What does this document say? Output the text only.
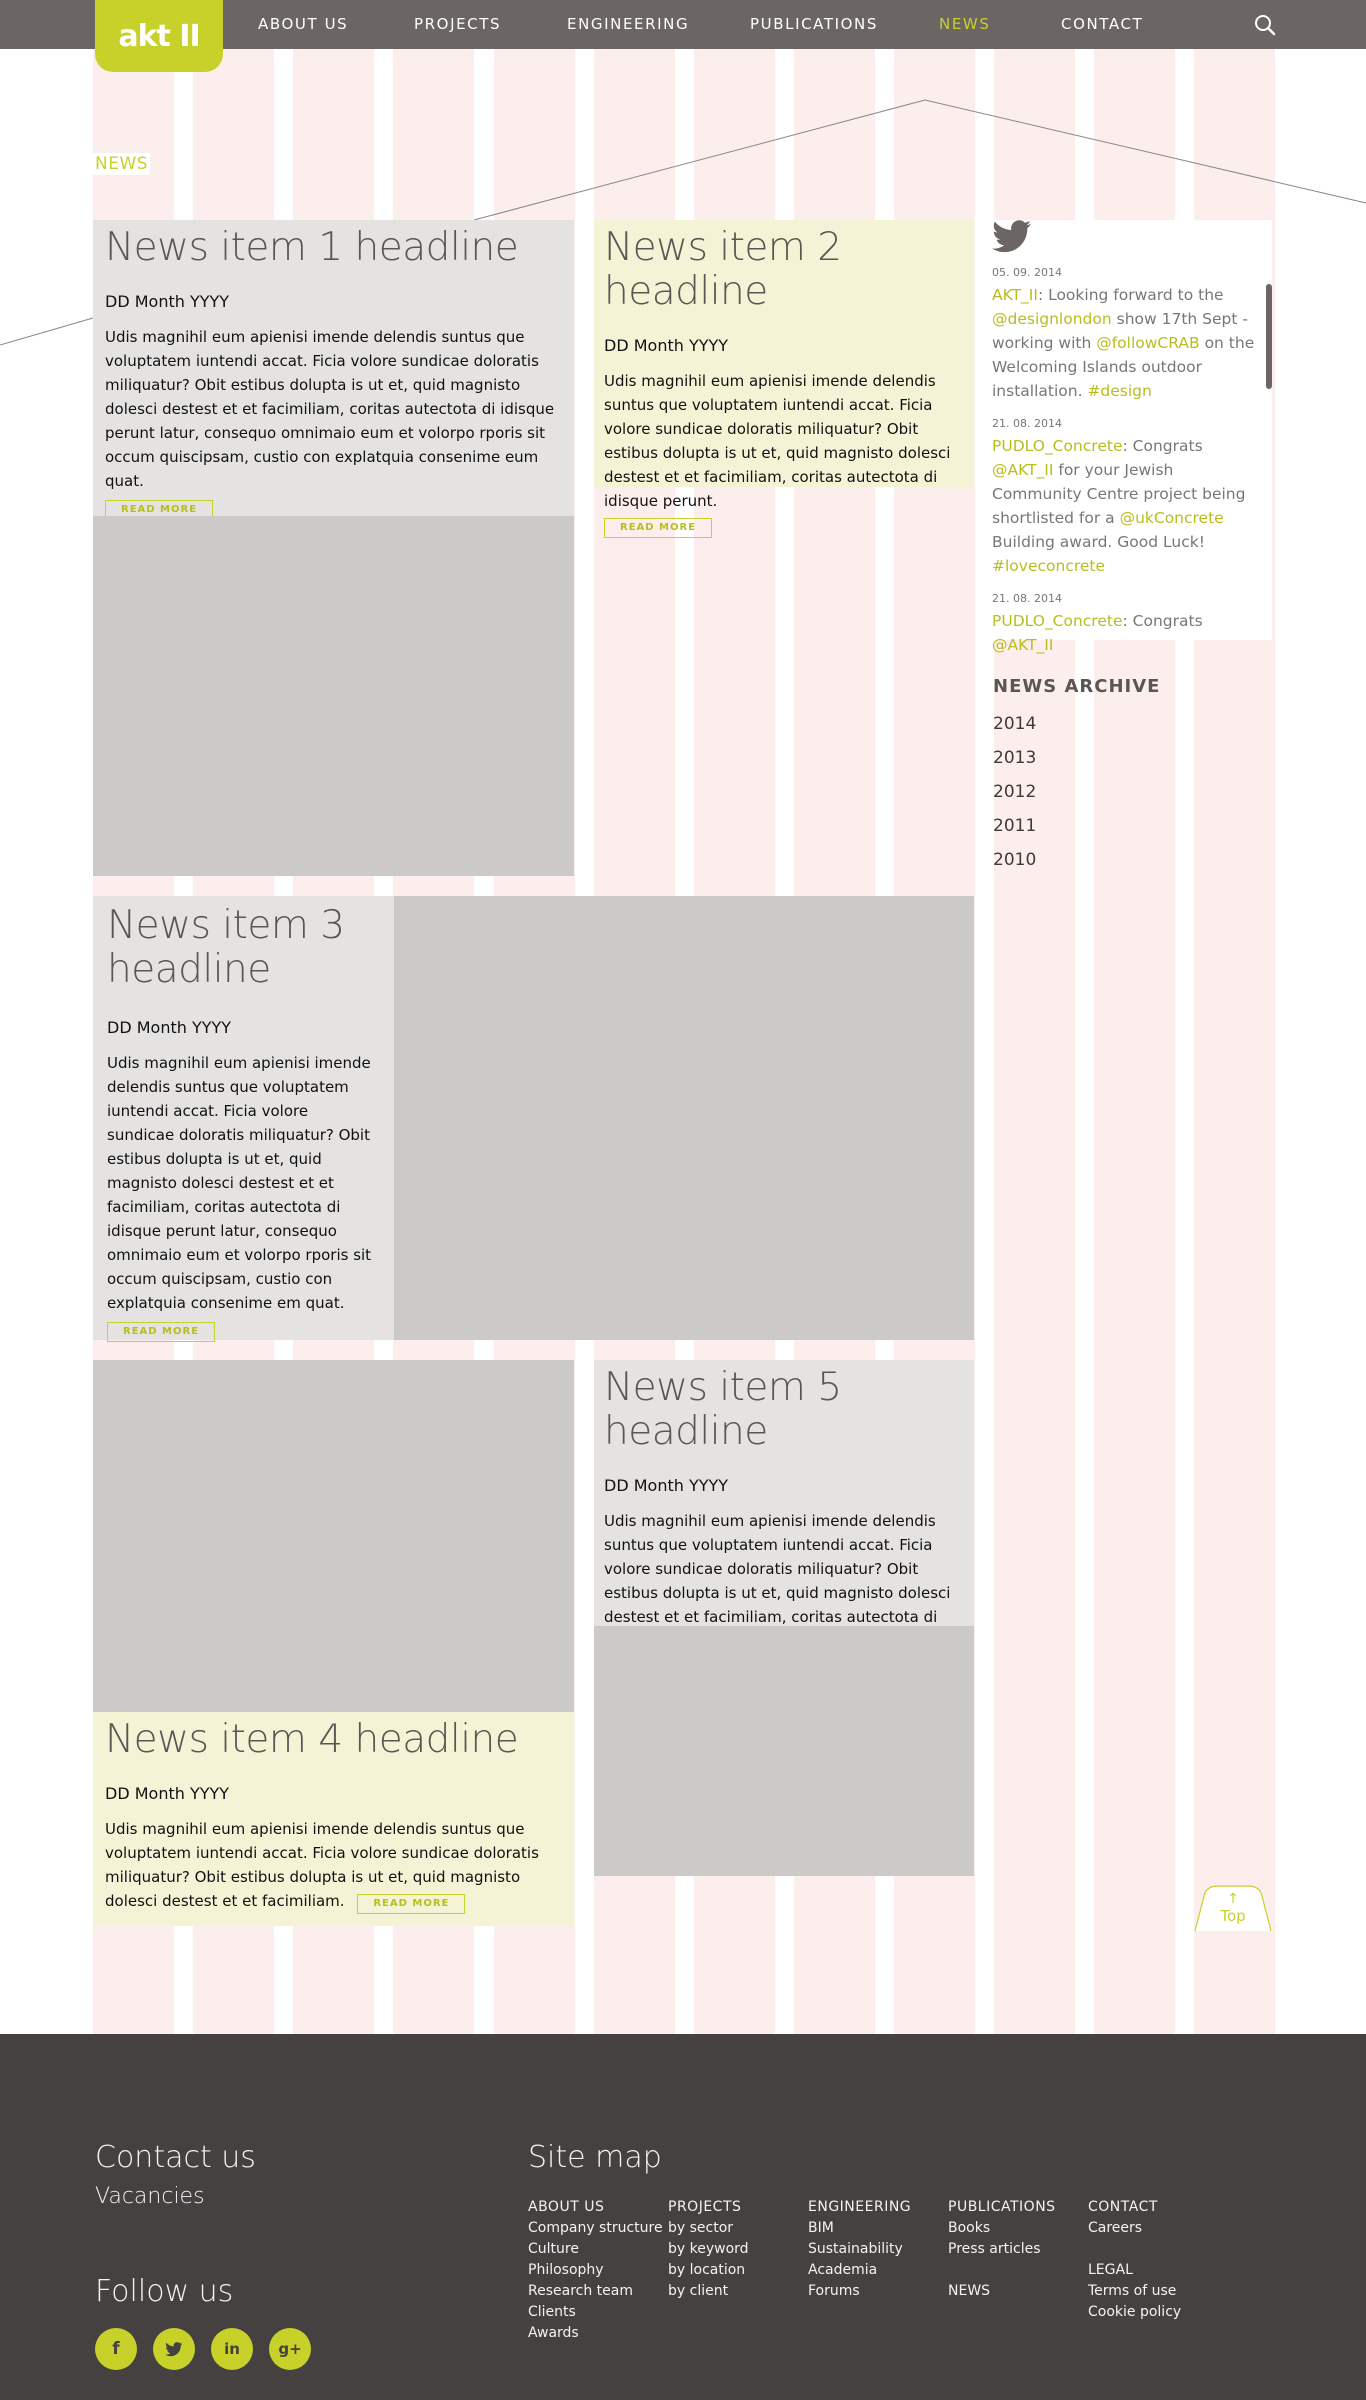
akt II	ABOUT US	PROJECTS	ENGINEERING	PUBLICATIONS	NEWS	CONTACT
NEWS
News item 1 headline
DD Month YYYY
Udis magnihil eum apienisi imende delendis suntus que voluptatem iuntendi accat. Ficia volore sundicae doloratis miliquatur? Obit estibus dolupta is ut et, quid magnisto dolesci destest et et facimiliam, coritas autectota di idisque perunt latur, consequo omnimaio eum et volorpo rporis sit occum quiscipsam, custio con explatquia consenime eum quat.
READ MORE
News item 2 headline
DD Month YYYY
Udis magnihil eum apienisi imende delendis suntus que voluptatem iuntendi accat. Ficia volore sundicae doloratis miliquatur? Obit estibus dolupta is ut et, quid magnisto dolesci destest et et facimiliam, coritas autectota di idisque perunt.
READ MORE
05. 09. 2014
AKT_II: Looking forward to the @designlondon show 17th Sept - working with @followCRAB on the Welcoming Islands outdoor installation. #design
21. 08. 2014
PUDLO_Concrete: Congrats @AKT_II for your Jewish Community Centre project being shortlisted for a @ukConcrete Building award. Good Luck! #loveconcrete
21. 08. 2014
PUDLO_Concrete: Congrats @AKT_II
NEWS ARCHIVE
2014
2013
2012
2011
2010
News item 3 headline
DD Month YYYY
Udis magnihil eum apienisi imende delendis suntus que voluptatem iuntendi accat. Ficia volore sundicae doloratis miliquatur? Obit estibus dolupta is ut et, quid magnisto dolesci destest et et facimiliam, coritas autectota di idisque perunt latur, consequo omnimaio eum et volorpo rporis sit occum quiscipsam, custio con explatquia consenime em quat.
READ MORE
News item 4 headline
DD Month YYYY
Udis magnihil eum apienisi imende delendis suntus que voluptatem iuntendi accat. Ficia volore sundicae doloratis miliquatur? Obit estibus dolupta is ut et, quid magnisto dolesci destest et et facimiliam.	READ MORE
News item 5 headline
DD Month YYYY
Udis magnihil eum apienisi imende delendis suntus que voluptatem iuntendi accat. Ficia volore sundicae doloratis miliquatur? Obit estibus dolupta is ut et, quid magnisto dolesci destest et et facimiliam, coritas autectota di
↑
Top
Contact us
Vacancies
Follow us
f	in	g+
Site map
ABOUT US
Company structure
Culture
Philosophy
Research team
Clients
Awards
PROJECTS
by sector
by keyword
by location
by client
ENGINEERING
BIM
Sustainability
Academia
Forums
PUBLICATIONS
Books
Press articles
NEWS
CONTACT
Careers
LEGAL
Terms of use
Cookie policy
